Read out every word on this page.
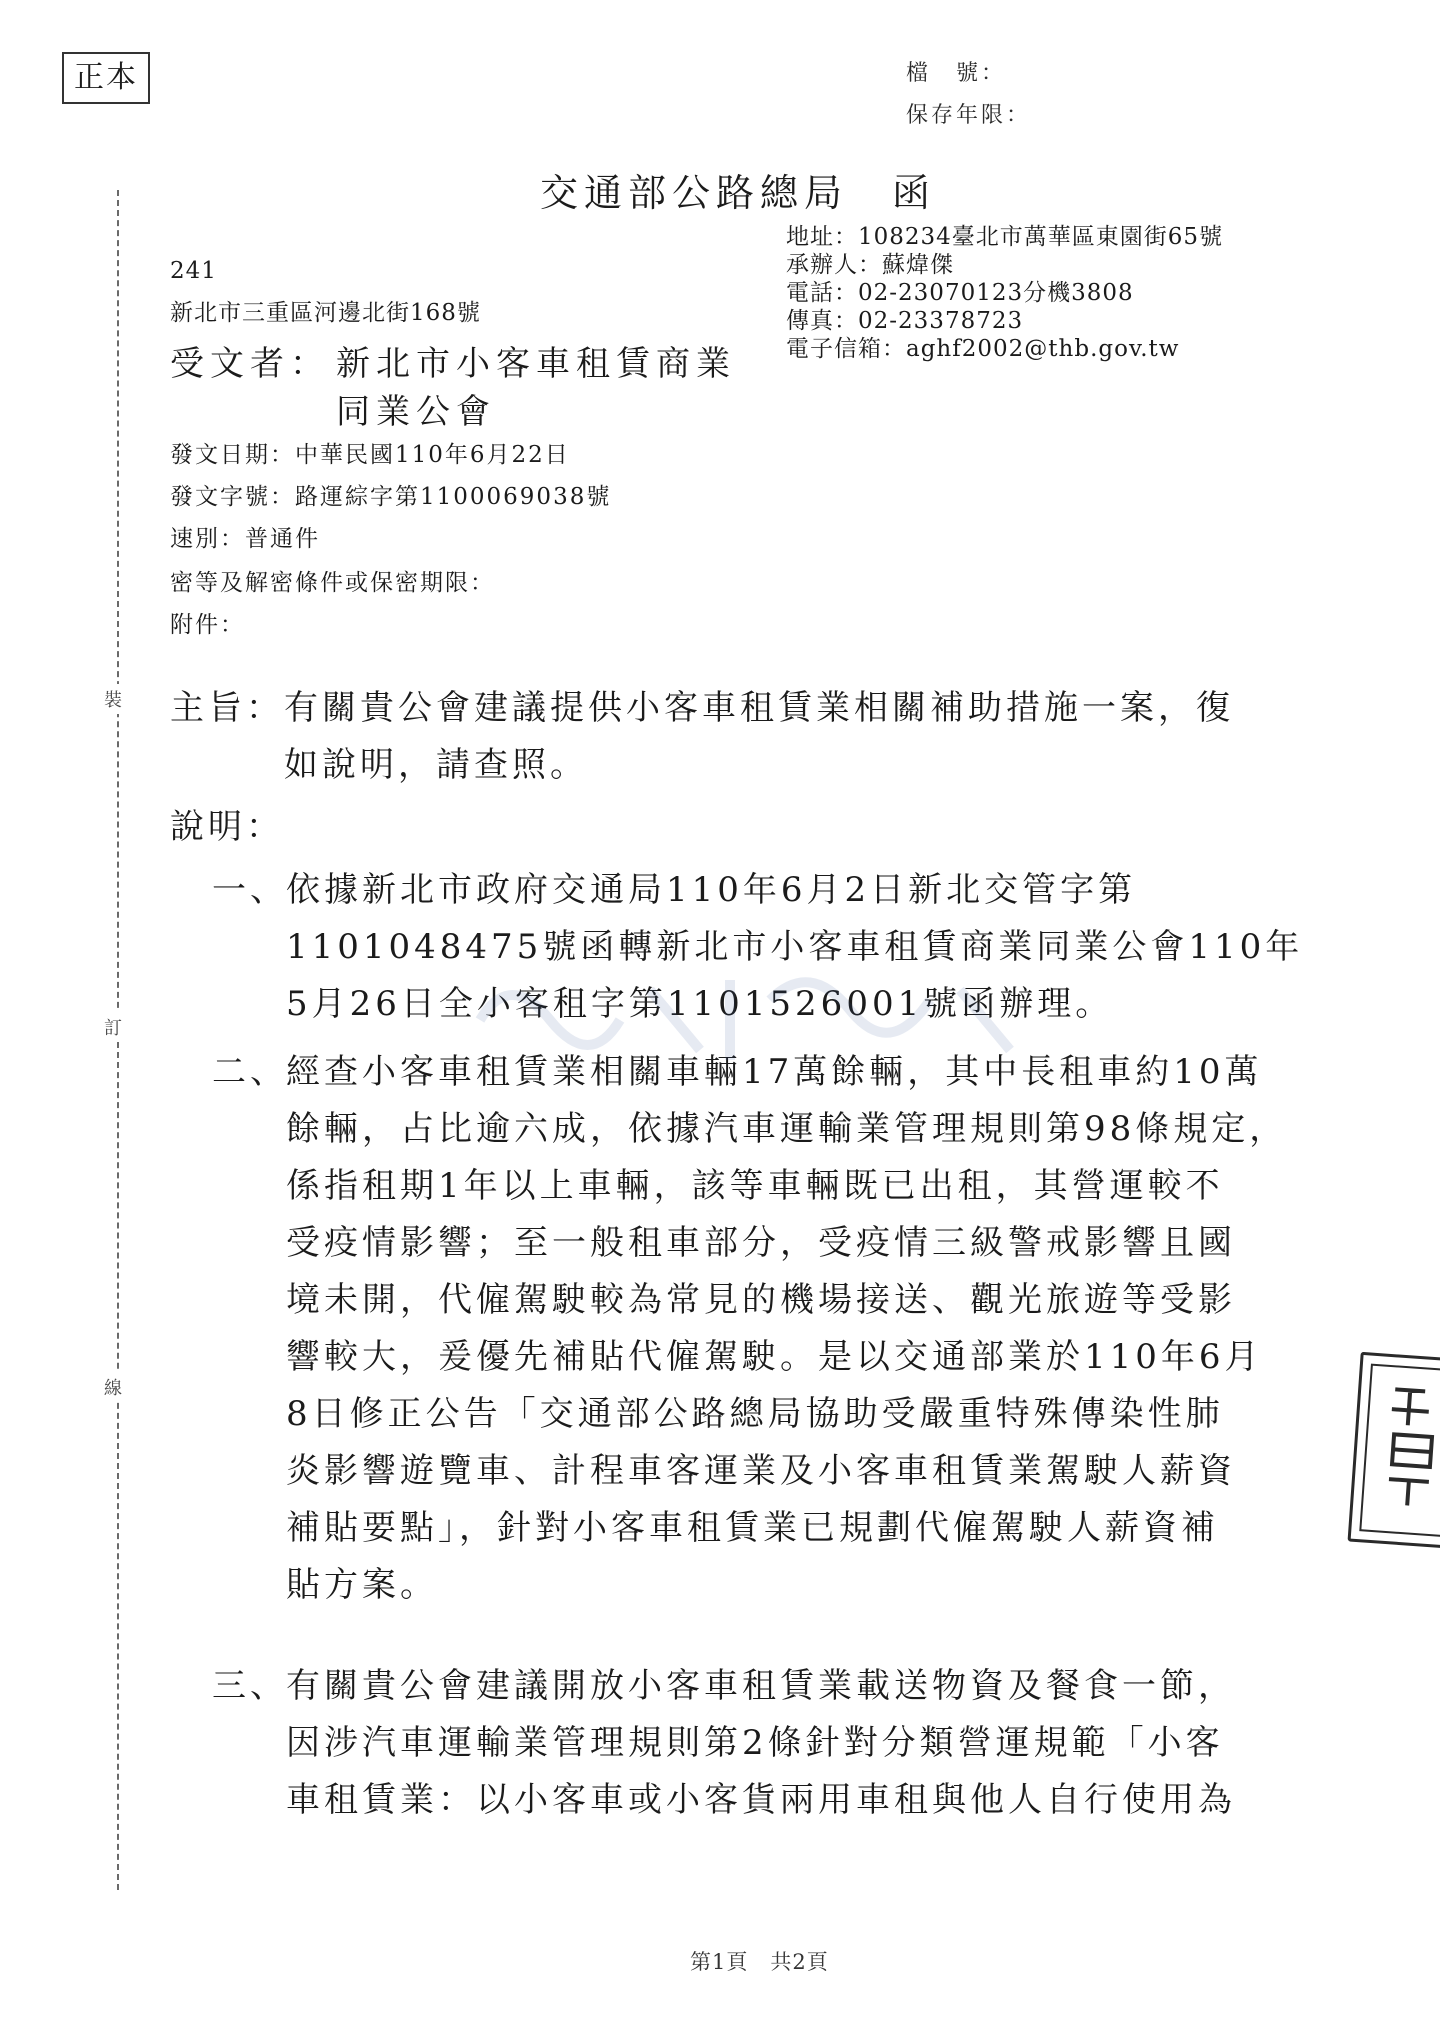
正本	檔　號：
保存年限：
交通部公路總局　函
地址：108234臺北市萬華區東園街65號
承辦人：蘇煒傑
電話：02-23070123分機3808
傳真：02-23378723
電子信箱：aghf2002@thb.gov.tw
241
新北市三重區河邊北街168號
受文者： 新北市小客車租賃商業
同業公會
發文日期：中華民國110年6月22日
發文字號：路運綜字第1100069038號
速別：普通件
密等及解密條件或保密期限：
附件：
裝
訂
線
主旨： 有關貴公會建議提供小客車租賃業相關補助措施一案，復
如說明，請查照。
說明：
一、
依據新北市政府交通局110年6月2日新北交管字第
1101048475號函轉新北市小客車租賃商業同業公會110年
5月26日全小客租字第1101526001號函辦理。
二、
經查小客車租賃業相關車輛17萬餘輛，其中長租車約10萬
餘輛，占比逾六成，依據汽車運輸業管理規則第98條規定，
係指租期1年以上車輛，該等車輛既已出租，其營運較不
受疫情影響；至一般租車部分，受疫情三級警戒影響且國
境未開，代僱駕駛較為常見的機場接送、觀光旅遊等受影
響較大，爰優先補貼代僱駕駛。是以交通部業於110年6月
8日修正公告「交通部公路總局協助受嚴重特殊傳染性肺
炎影響遊覽車、計程車客運業及小客車租賃業駕駛人薪資
補貼要點」，針對小客車租賃業已規劃代僱駕駛人薪資補
貼方案。
三、
有關貴公會建議開放小客車租賃業載送物資及餐食一節，
因涉汽車運輸業管理規則第2條針對分類營運規範「小客
車租賃業：以小客車或小客貨兩用車租與他人自行使用為
第1頁　共2頁
